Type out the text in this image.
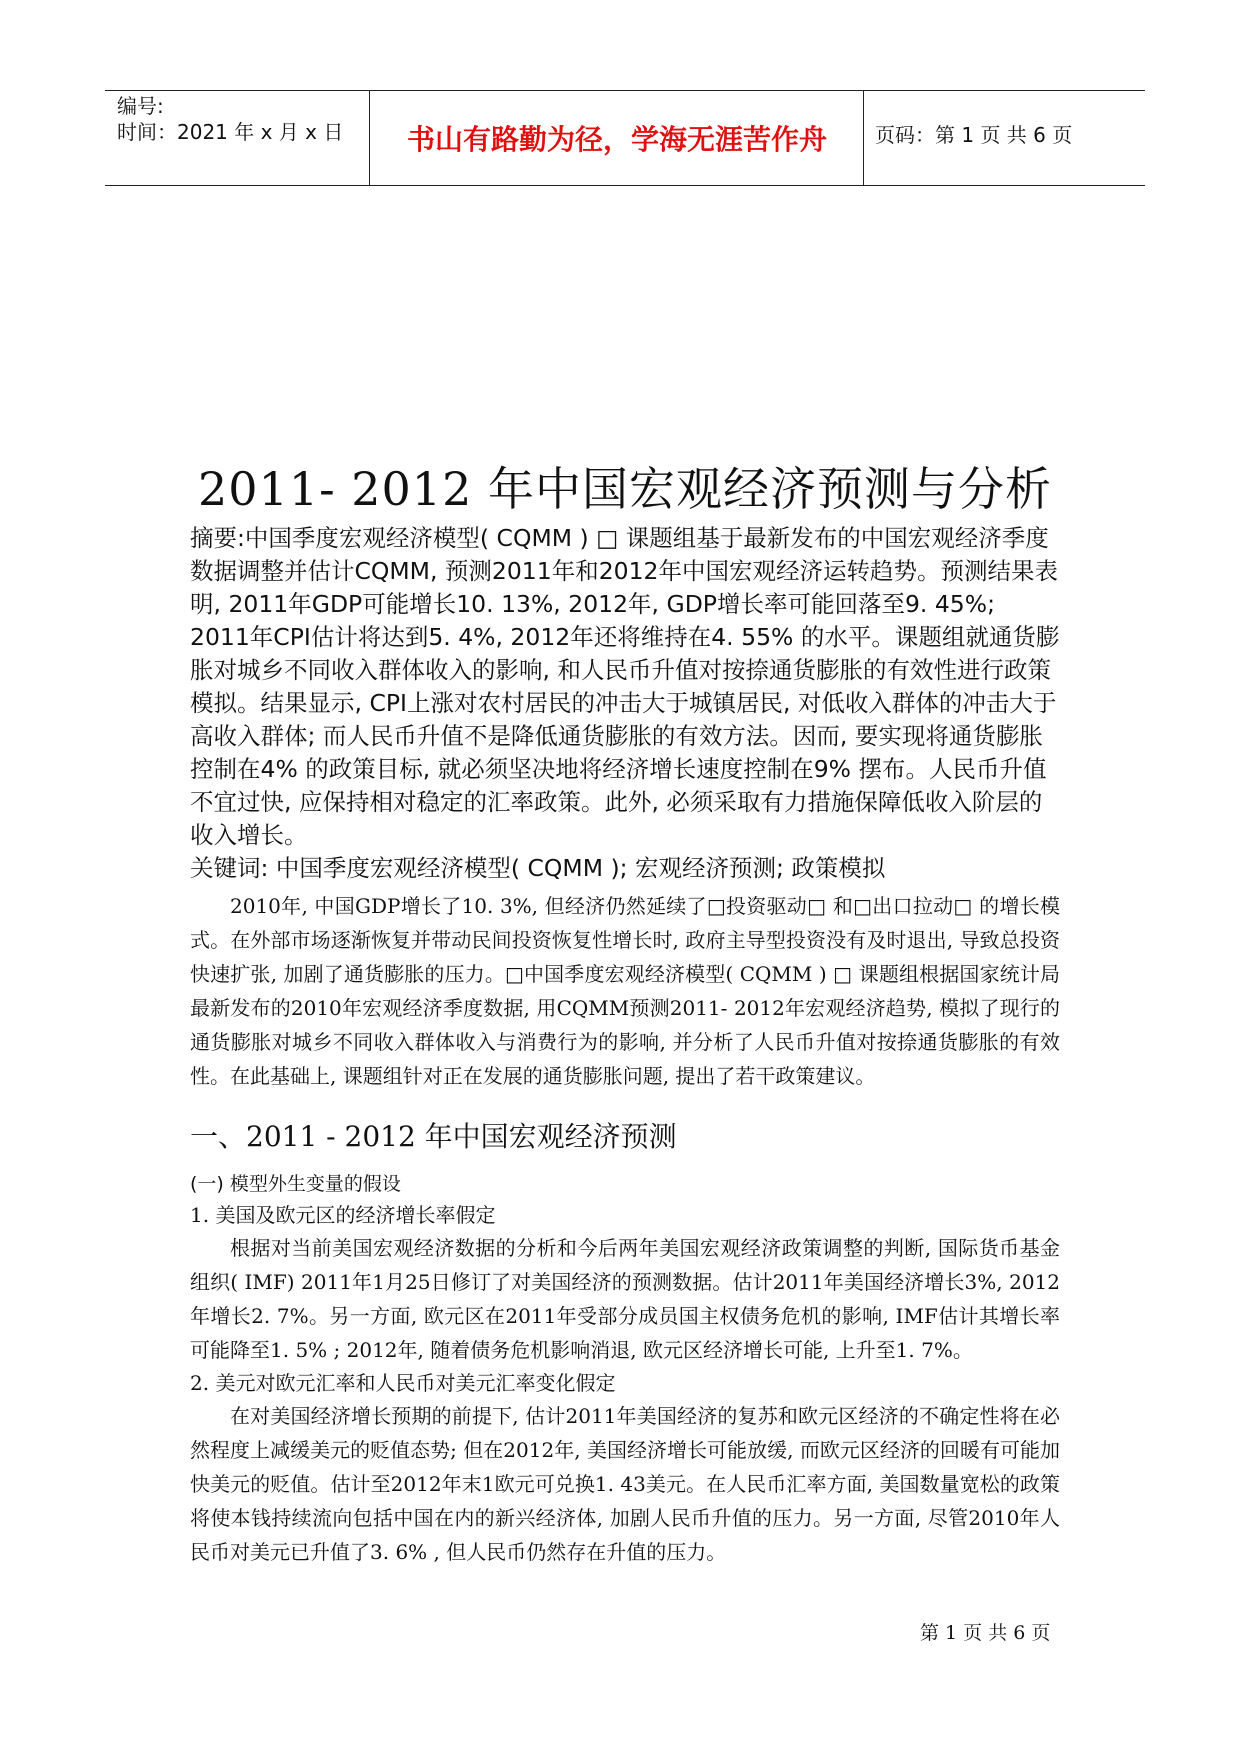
编号:
时间：2021 年 x 月 x 日	书山有路勤为径，学海无涯苦作舟	页码：第 1 页 共 6 页
2011- 2012 年中国宏观经济预测与分析

摘要:中国季度宏观经济模型( CQMM ) □ 课题组基于最新发布的中国宏观经济季度数据调整并估计CQMM, 预测2011年和2012年中国宏观经济运转趋势。预测结果表明, 2011年GDP可能增长10. 13%, 2012年, GDP增长率可能回落至9. 45%; 2011年CPI估计将达到5. 4%, 2012年还将维持在4. 55% 的水平。课题组就通货膨胀对城乡不同收入群体收入的影响, 和人民币升值对按捺通货膨胀的有效性进行政策模拟。结果显示, CPI上涨对农村居民的冲击大于城镇居民, 对低收入群体的冲击大于高收入群体; 而人民币升值不是降低通货膨胀的有效方法。因而, 要实现将通货膨胀控制在4% 的政策目标, 就必须坚决地将经济增长速度控制在9% 摆布。人民币升值不宜过快, 应保持相对稳定的汇率政策。此外, 必须采取有力措施保障低收入阶层的收入增长。

关键词: 中国季度宏观经济模型( CQMM ); 宏观经济预测; 政策模拟

2010年, 中国GDP增长了10. 3%, 但经济仍然延续了□投资驱动□ 和□出口拉动□ 的增长模式。在外部市场逐渐恢复并带动民间投资恢复性增长时, 政府主导型投资没有及时退出, 导致总投资快速扩张, 加剧了通货膨胀的压力。□中国季度宏观经济模型( CQMM ) □ 课题组根据国家统计局最新发布的2010年宏观经济季度数据, 用CQMM预测2011- 2012年宏观经济趋势, 模拟了现行的通货膨胀对城乡不同收入群体收入与消费行为的影响, 并分析了人民币升值对按捺通货膨胀的有效性。在此基础上, 课题组针对正在发展的通货膨胀问题, 提出了若干政策建议。

一、2011 - 2012 年中国宏观经济预测
(一) 模型外生变量的假设
1. 美国及欧元区的经济增长率假定

根据对当前美国宏观经济数据的分析和今后两年美国宏观经济政策调整的判断, 国际货币基金组织( IMF) 2011年1月25日修订了对美国经济的预测数据。估计2011年美国经济增长3%, 2012年增长2. 7%。另一方面, 欧元区在2011年受部分成员国主权债务危机的影响, IMF估计其增长率可能降至1. 5% ; 2012年, 随着债务危机影响消退, 欧元区经济增长可能, 上升至1. 7%。

2. 美元对欧元汇率和人民币对美元汇率变化假定

在对美国经济增长预期的前提下, 估计2011年美国经济的复苏和欧元区经济的不确定性将在必然程度上减缓美元的贬值态势; 但在2012年, 美国经济增长可能放缓, 而欧元区经济的回暖有可能加快美元的贬值。估计至2012年末1欧元可兑换1. 43美元。在人民币汇率方面, 美国数量宽松的政策将使本钱持续流向包括中国在内的新兴经济体, 加剧人民币升值的压力。另一方面, 尽管2010年人民币对美元已升值了3. 6% , 但人民币仍然存在升值的压力。

第 1 页 共 6 页
